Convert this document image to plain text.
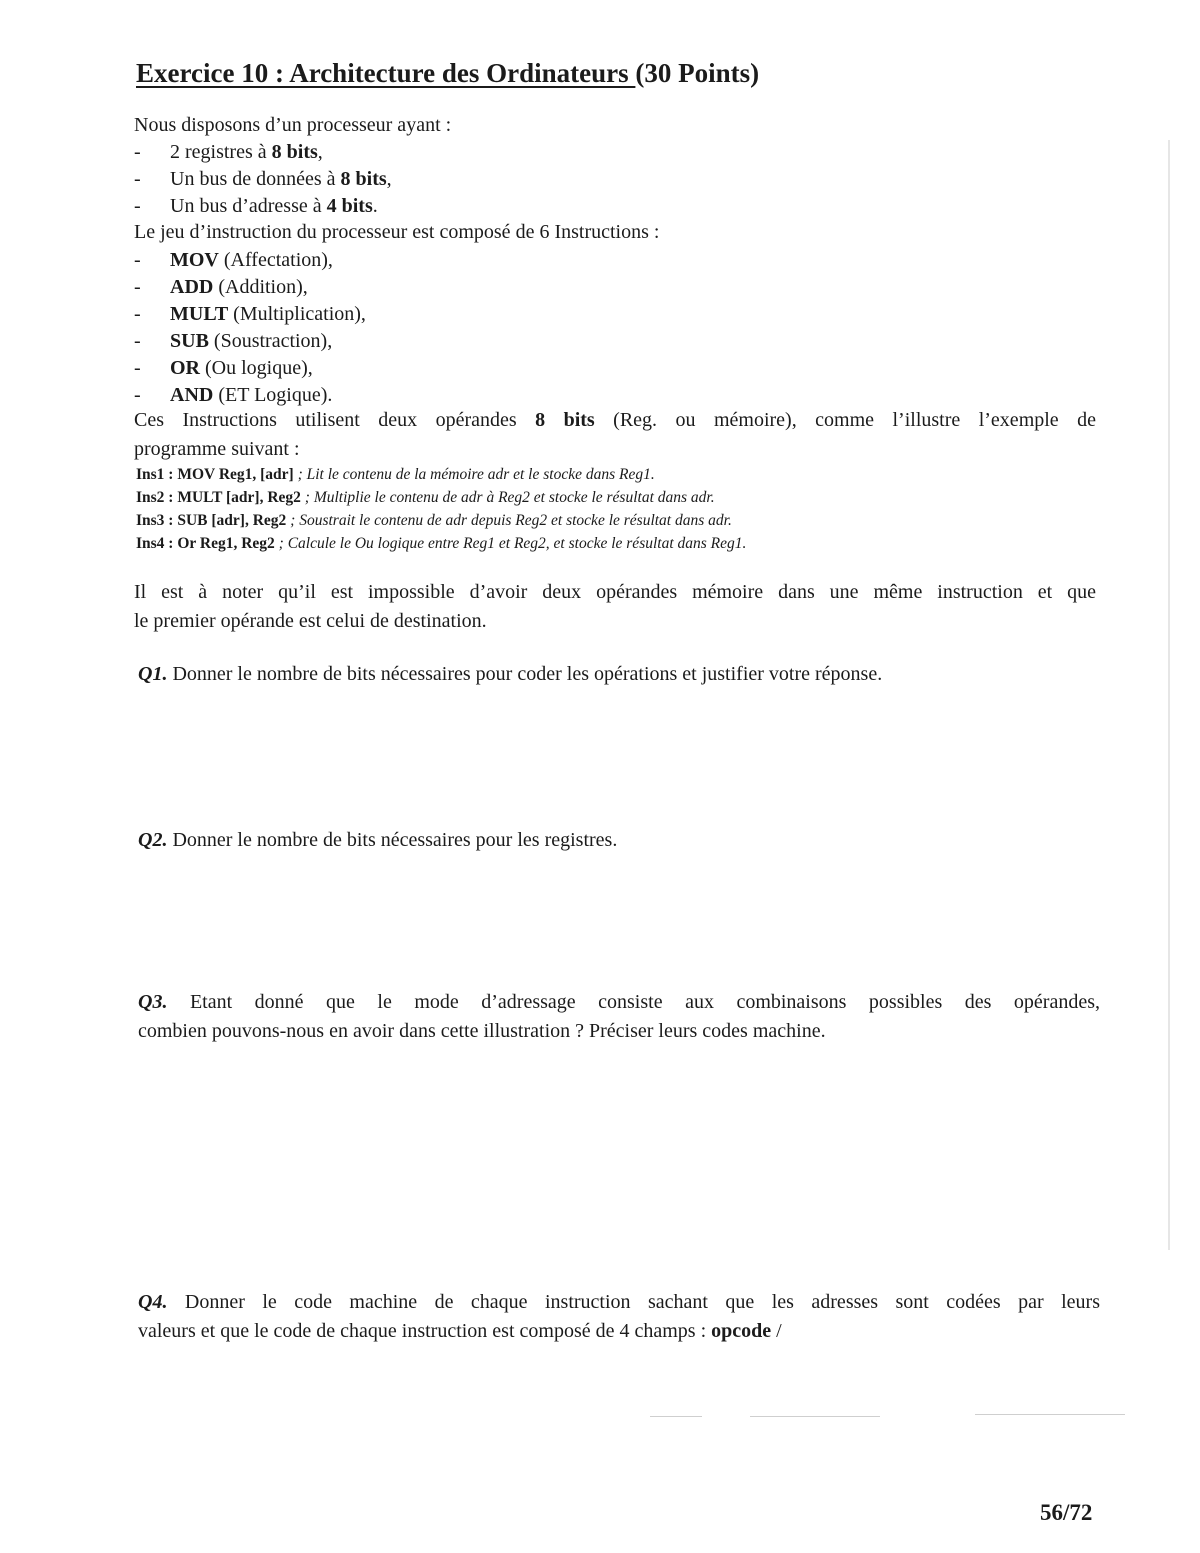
Exercice 10 : Architecture des Ordinateurs (30 Points)
Nous disposons d’un processeur ayant :
- 2 registres à 8 bits,
- Un bus de données à 8 bits,
- Un bus d’adresse à 4 bits.
Le jeu d’instruction du processeur est composé de 6 Instructions :
- MOV (Affectation),
- ADD (Addition),
- MULT (Multiplication),
- SUB (Soustraction),
- OR (Ou logique),
- AND (ET Logique).
Ces Instructions utilisent deux opérandes 8 bits (Reg. ou mémoire), comme l’illustre l’exemple de
programme suivant :
Ins1 : MOV Reg1, [adr] ; Lit le contenu de la mémoire adr et le stocke dans Reg1.
Ins2 : MULT [adr], Reg2 ; Multiplie le contenu de adr à Reg2 et stocke le résultat dans adr.
Ins3 : SUB [adr], Reg2 ; Soustrait le contenu de adr depuis Reg2 et stocke le résultat dans adr.
Ins4 : Or Reg1, Reg2 ; Calcule le Ou logique entre Reg1 et Reg2, et stocke le résultat dans Reg1.
Il est à noter qu’il est impossible d’avoir deux opérandes mémoire dans une même instruction et que
le premier opérande est celui de destination.
Q1. Donner le nombre de bits nécessaires pour coder les opérations et justifier votre réponse.
Q2. Donner le nombre de bits nécessaires pour les registres.
Q3. Etant donné que le mode d’adressage consiste aux combinaisons possibles des opérandes,
combien pouvons-nous en avoir dans cette illustration ? Préciser leurs codes machine.
Q4. Donner le code machine de chaque instruction sachant que les adresses sont codées par leurs
valeurs et que le code de chaque instruction est composé de 4 champs : opcode /
56/72
